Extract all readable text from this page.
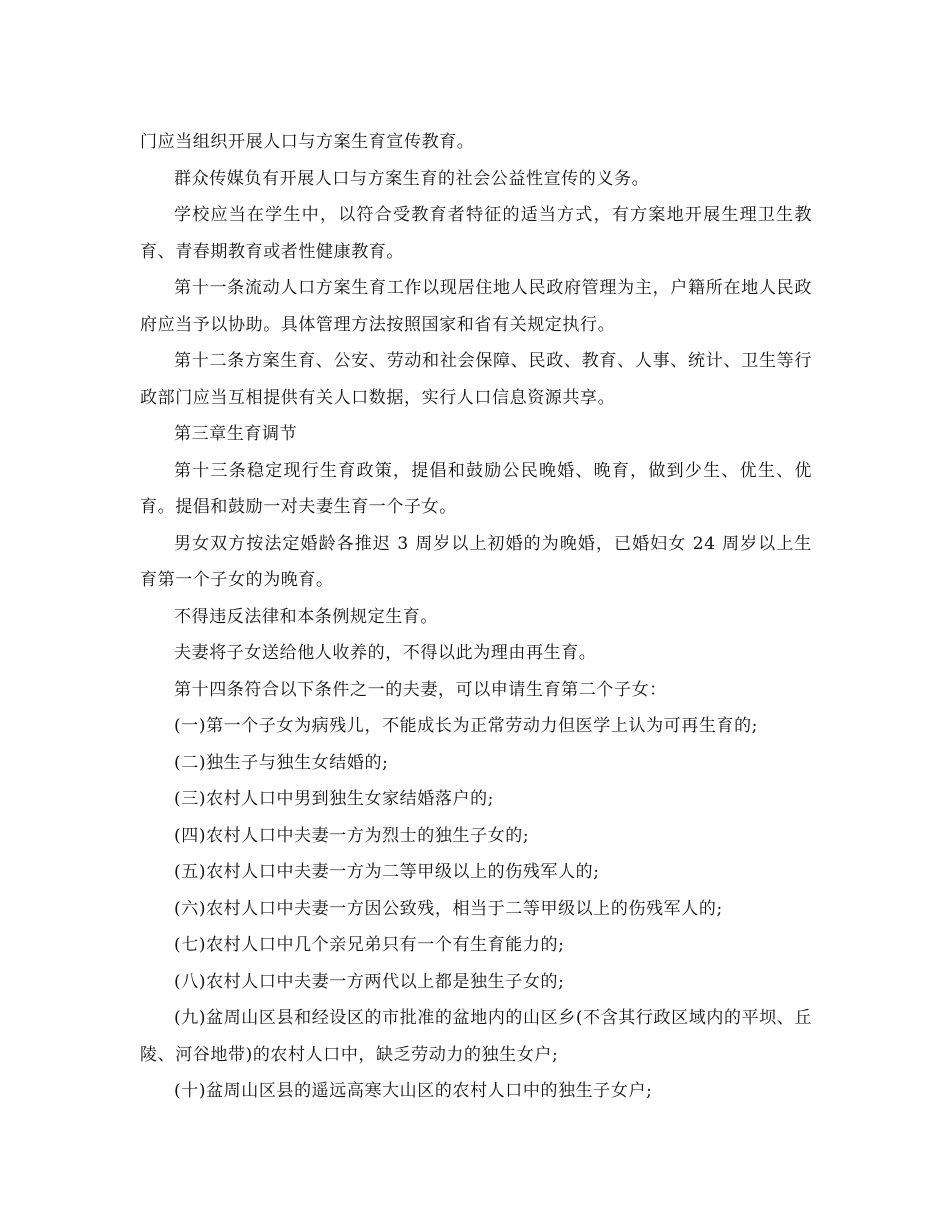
门应当组织开展人口与方案生育宣传教育。

群众传媒负有开展人口与方案生育的社会公益性宣传的义务。

学校应当在学生中，以符合受教育者特征的适当方式，有方案地开展生理卫生教育、青春期教育或者性健康教育。

第十一条流动人口方案生育工作以现居住地人民政府管理为主，户籍所在地人民政府应当予以协助。具体管理方法按照国家和省有关规定执行。

第十二条方案生育、公安、劳动和社会保障、民政、教育、人事、统计、卫生等行政部门应当互相提供有关人口数据，实行人口信息资源共享。

第三章生育调节

第十三条稳定现行生育政策，提倡和鼓励公民晚婚、晚育，做到少生、优生、优育。提倡和鼓励一对夫妻生育一个子女。

男女双方按法定婚龄各推迟 3 周岁以上初婚的为晚婚，已婚妇女 24 周岁以上生育第一个子女的为晚育。

不得违反法律和本条例规定生育。

夫妻将子女送给他人收养的，不得以此为理由再生育。

第十四条符合以下条件之一的夫妻，可以申请生育第二个子女：

(一)第一个子女为病残儿，不能成长为正常劳动力但医学上认为可再生育的;

(二)独生子与独生女结婚的;

(三)农村人口中男到独生女家结婚落户的;

(四)农村人口中夫妻一方为烈士的独生子女的;

(五)农村人口中夫妻一方为二等甲级以上的伤残军人的;

(六)农村人口中夫妻一方因公致残，相当于二等甲级以上的伤残军人的;

(七)农村人口中几个亲兄弟只有一个有生育能力的;

(八)农村人口中夫妻一方两代以上都是独生子女的;

(九)盆周山区县和经设区的市批准的盆地内的山区乡(不含其行政区域内的平坝、丘陵、河谷地带)的农村人口中，缺乏劳动力的独生女户;

(十)盆周山区县的遥远高寒大山区的农村人口中的独生子女户;
